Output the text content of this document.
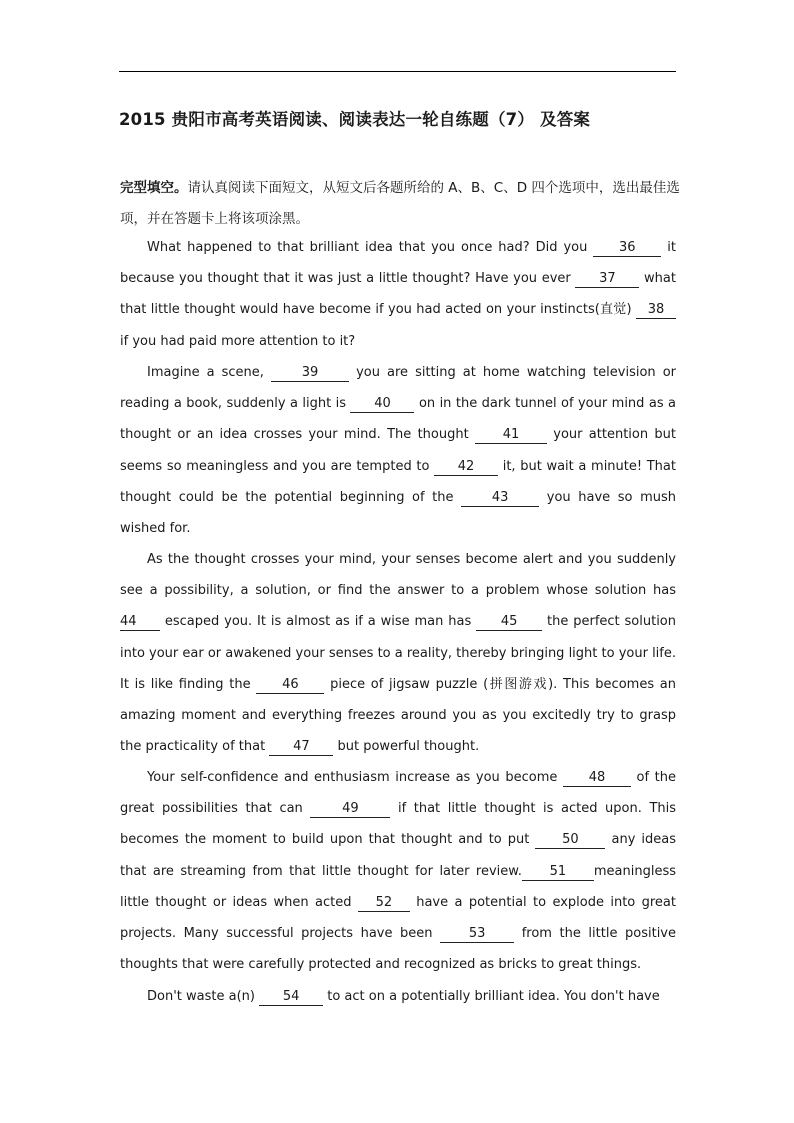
2015 贵阳市高考英语阅读、阅读表达一轮自练题（7） 及答案
完型填空。请认真阅读下面短文，从短文后各题所给的 A、B、C、D 四个选项中，选出最佳选项，并在答题卡上将该项涂黑。

What happened to that brilliant idea that you once had? Did you 36 it because you thought that it was just a little thought? Have you ever 37 what that little thought would have become if you had acted on your instincts(直觉) 38 if you had paid more attention to it?

Imagine a scene,	39	you are sitting at home watching television or reading a book, suddenly a light is 40 on in the dark tunnel of your mind as a thought or an idea crosses your mind. The thought	41	your attention but seems so meaningless and you are tempted to 42 it, but wait a minute! That thought could be the potential beginning of the	43	you have so mush wished for.

As the thought crosses your mind, your senses become alert and you suddenly see a possibility, a solution, or find the answer to a problem whose solution has 44 escaped you. It is almost as if a wise man has 45 the perfect solution into your ear or awakened your senses to a reality, thereby bringing light to your life. It is like finding the 46 piece of jigsaw puzzle (拼图游戏). This becomes an amazing moment and everything freezes around you as you excitedly try to grasp the practicality of that 47 but powerful thought.

Your self-confidence and enthusiasm increase as you become 48 of the great possibilities that can	49	if that little thought is acted upon. This becomes the moment to build upon that thought and to put	50	any ideas that are streaming from that little thought for later review. 51 meaningless little thought or ideas when acted 52 have a potential to explode into great projects. Many successful projects have been	53	from the little positive thoughts that were carefully protected and recognized as bricks to great things.

Don't waste a(n) 54 to act on a potentially brilliant idea. You don't have
